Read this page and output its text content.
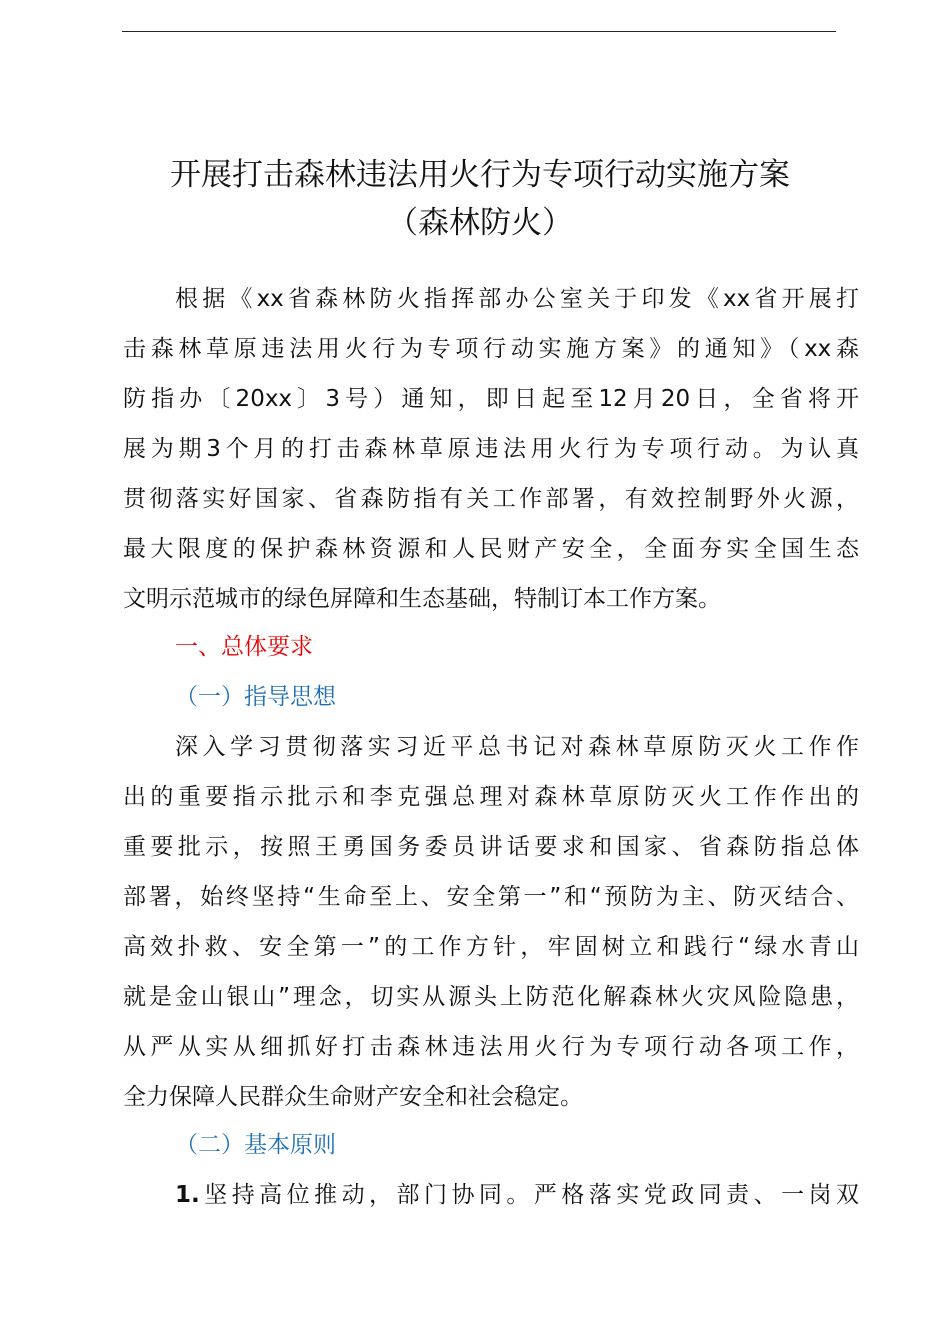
开展打击森林违法用火行为专项行动实施方案
（森林防火）
根据《xx省森林防火指挥部办公室关于印发《xx省开展打
击森林草原违法用火行为专项行动实施方案》的通知》（xx森
防指办〔20xx〕3号）通知，即日起至12月20日，全省将开
展为期3个月的打击森林草原违法用火行为专项行动。为认真
贯彻落实好国家、省森防指有关工作部署，有效控制野外火源，
最大限度的保护森林资源和人民财产安全，全面夯实全国生态
文明示范城市的绿色屏障和生态基础，特制订本工作方案。
一、总体要求
（一）指导思想
深入学习贯彻落实习近平总书记对森林草原防灭火工作作
出的重要指示批示和李克强总理对森林草原防灭火工作作出的
重要批示，按照王勇国务委员讲话要求和国家、省森防指总体
部署，始终坚持“生命至上、安全第一”和“预防为主、防灭结合、
高效扑救、安全第一”的工作方针，牢固树立和践行“绿水青山
就是金山银山”理念，切实从源头上防范化解森林火灾风险隐患，
从严从实从细抓好打击森林违法用火行为专项行动各项工作，
全力保障人民群众生命财产安全和社会稳定。
（二）基本原则
1.坚持高位推动，部门协同。严格落实党政同责、一岗双
